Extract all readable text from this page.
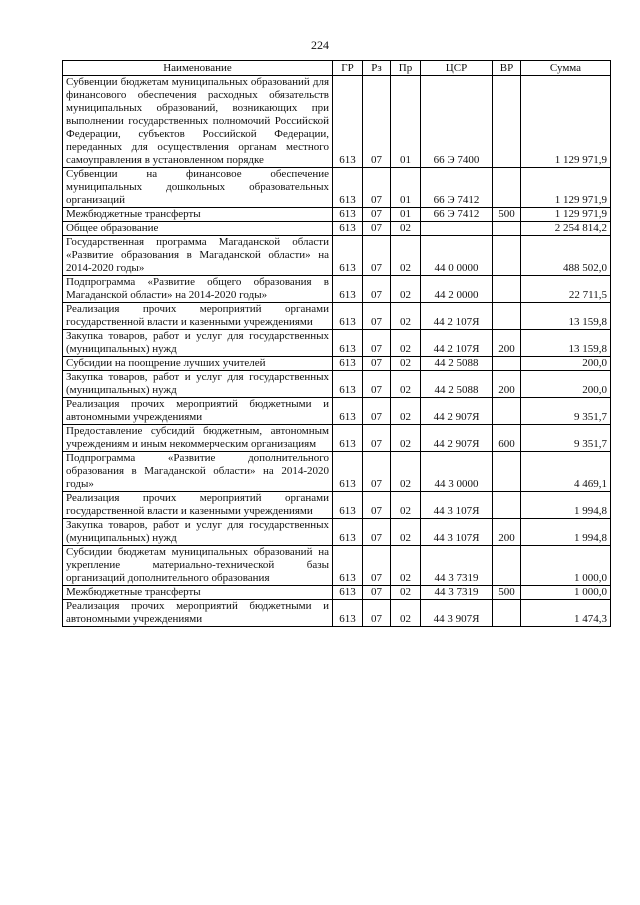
224
Наименование	ГР	Рз	Пр	ЦСР	ВР	Сумма
Субвенции бюджетам муниципальных образований для финансового обеспечения расходных обязательств муниципальных образований, возникающих при выполнении государственных полномочий Российской Федерации, субъектов Российской Федерации, переданных для осуществления органам местного самоуправления в установленном порядке	613	07	01	66 Э 7400		1 129 971,9
Субвенции на финансовое обеспечение муниципальных дошкольных образовательных организаций	613	07	01	66 Э 7412		1 129 971,9
Межбюджетные трансферты	613	07	01	66 Э 7412	500	1 129 971,9
Общее образование	613	07	02			2 254 814,2
Государственная программа Магаданской области «Развитие образования в Магаданской области» на 2014-2020 годы»	613	07	02	44 0 0000		488 502,0
Подпрограмма «Развитие общего образования в Магаданской области» на 2014-2020 годы»	613	07	02	44 2 0000		22 711,5
Реализация прочих мероприятий органами государственной власти и казенными учреждениями	613	07	02	44 2 107Я		13 159,8
Закупка товаров, работ и услуг для государственных (муниципальных) нужд	613	07	02	44 2 107Я	200	13 159,8
Субсидии на поощрение лучших учителей	613	07	02	44 2 5088		200,0
Закупка товаров, работ и услуг для государственных (муниципальных) нужд	613	07	02	44 2 5088	200	200,0
Реализация прочих мероприятий бюджетными и автономными учреждениями	613	07	02	44 2 907Я		9 351,7
Предоставление субсидий бюджетным, автономным учреждениям и иным некоммерческим организациям	613	07	02	44 2 907Я	600	9 351,7
Подпрограмма «Развитие дополнительного образования в Магаданской области» на 2014-2020 годы»	613	07	02	44 3 0000		4 469,1
Реализация прочих мероприятий органами государственной власти и казенными учреждениями	613	07	02	44 3 107Я		1 994,8
Закупка товаров, работ и услуг для государственных (муниципальных) нужд	613	07	02	44 3 107Я	200	1 994,8
Субсидии бюджетам муниципальных образований на укрепление материально-технической базы организаций дополнительного образования	613	07	02	44 3 7319		1 000,0
Межбюджетные трансферты	613	07	02	44 3 7319	500	1 000,0
Реализация прочих мероприятий бюджетными и автономными учреждениями	613	07	02	44 3 907Я		1 474,3
